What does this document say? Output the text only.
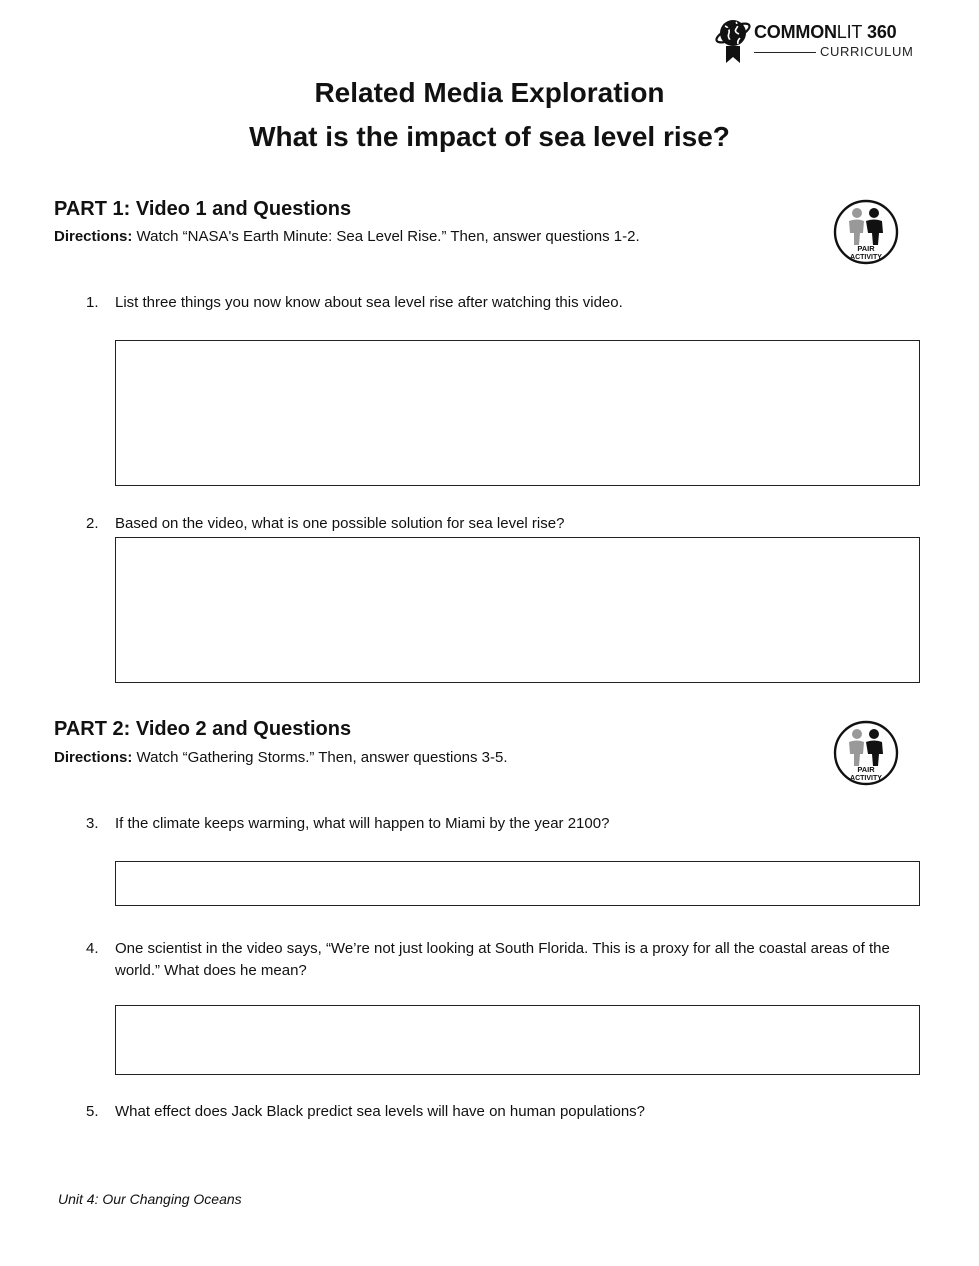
COMMONLIT 360
CURRICULUM
Related Media Exploration
What is the impact of sea level rise?
PART 1: Video 1 and Questions
Directions: Watch “NASA's Earth Minute: Sea Level Rise.” Then, answer questions 1-2.
PAIR
ACTIVITY
1.	List three things you now know about sea level rise after watching this video.
2.	Based on the video, what is one possible solution for sea level rise?
PART 2: Video 2 and Questions
Directions: Watch “Gathering Storms.” Then, answer questions 3-5.
PAIR
ACTIVITY
3.	If the climate keeps warming, what will happen to Miami by the year 2100?
4.	One scientist in the video says, “We’re not just looking at South Florida. This is a proxy for all the coastal areas of the world.” What does he mean?
5.	What effect does Jack Black predict sea levels will have on human populations?
Unit 4: Our Changing Oceans
